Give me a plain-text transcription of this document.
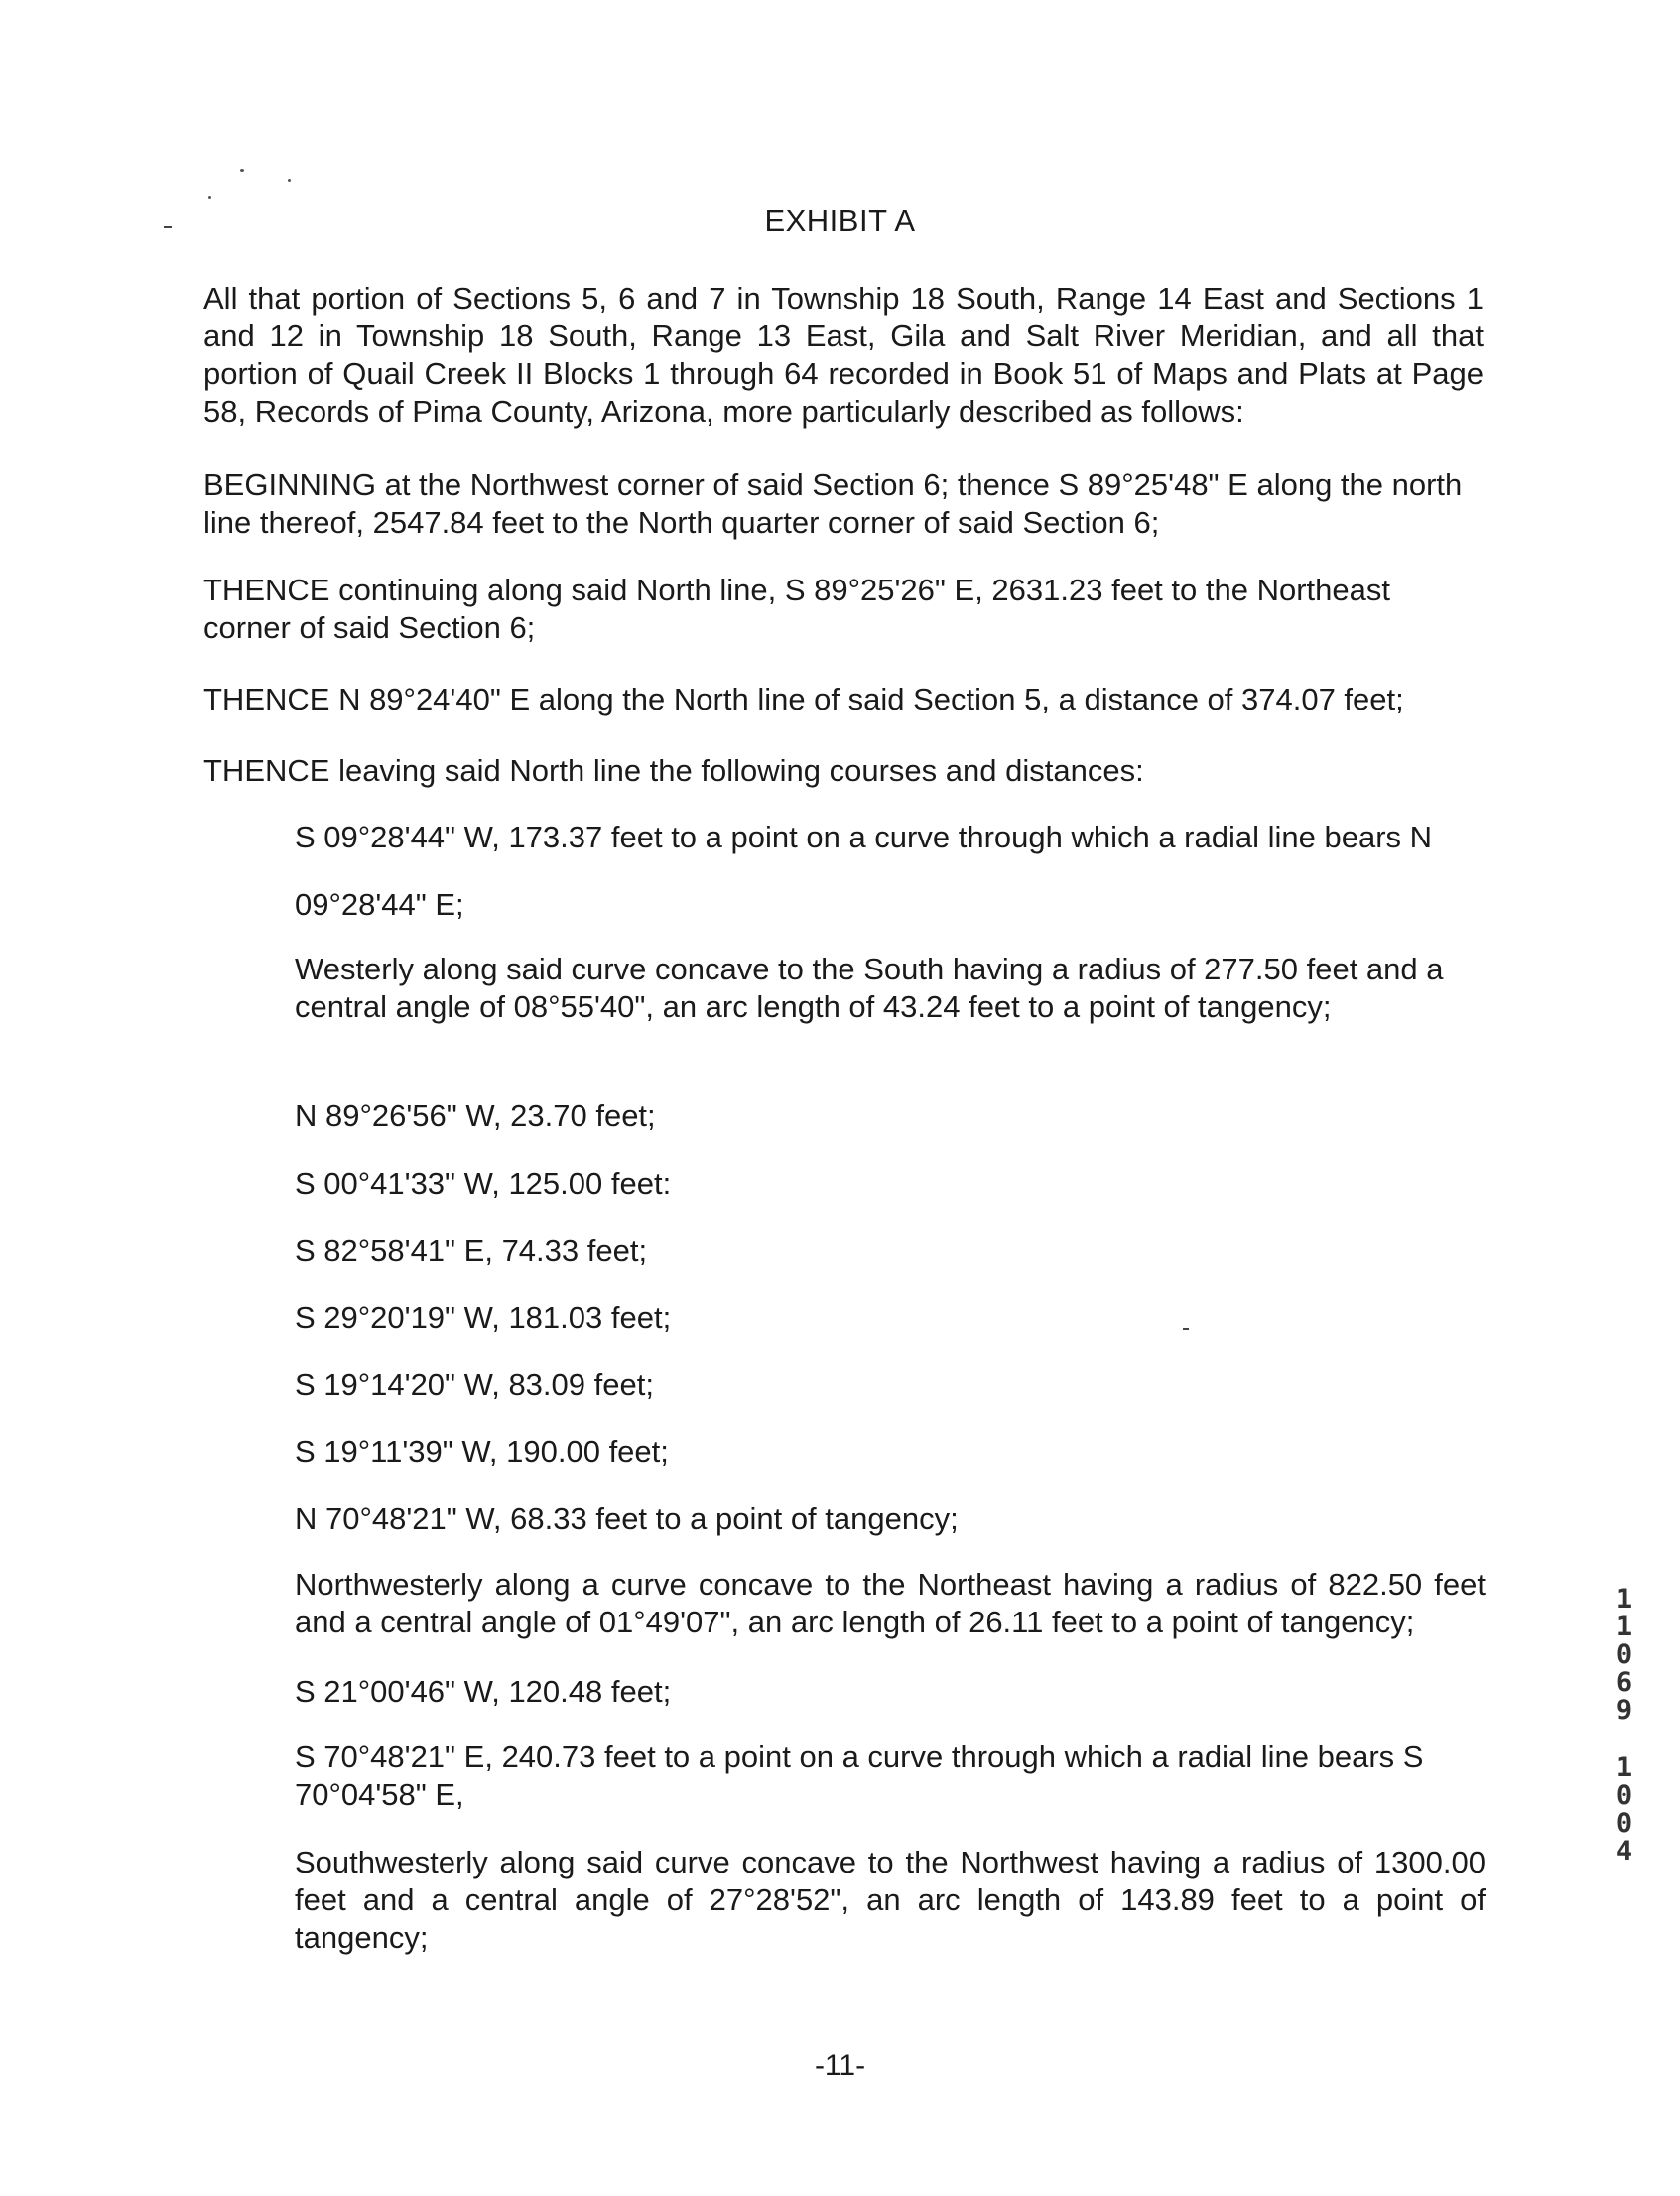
EXHIBIT A

All that portion of Sections 5, 6 and 7 in Township 18 South, Range 14 East and Sections 1 and 12 in Township 18 South, Range 13 East, Gila and Salt River Meridian, and all that portion of Quail Creek II Blocks 1 through 64 recorded in Book 51 of Maps and Plats at Page 58, Records of Pima County, Arizona, more particularly described as follows:

BEGINNING at the Northwest corner of said Section 6; thence S 89°25'48" E along the north line thereof, 2547.84 feet to the North quarter corner of said Section 6;

THENCE continuing along said North line, S 89°25'26" E, 2631.23 feet to the Northeast corner of said Section 6;

THENCE N 89°24'40" E along the North line of said Section 5, a distance of 374.07 feet;

THENCE leaving said North line the following courses and distances:

S 09°28'44" W, 173.37 feet to a point on a curve through which a radial line bears N

09°28'44" E;

Westerly along said curve concave to the South having a radius of 277.50 feet and a central angle of 08°55'40", an arc length of 43.24 feet to a point of tangency;

N 89°26'56" W, 23.70 feet;

S 00°41'33" W, 125.00 feet:

S 82°58'41" E, 74.33 feet;

S 29°20'19" W, 181.03 feet;

S 19°14'20" W, 83.09 feet;

S 19°11'39" W, 190.00 feet;

N 70°48'21" W, 68.33 feet to a point of tangency;

Northwesterly along a curve concave to the Northeast having a radius of 822.50 feet and a central angle of 01°49'07", an arc length of 26.11 feet to a point of tangency;

S 21°00'46" W, 120.48 feet;

S 70°48'21" E, 240.73 feet to a point on a curve through which a radial line bears S 70°04'58" E,

Southwesterly along said curve concave to the Northwest having a radius of 1300.00 feet and a central angle of 27°28'52", an arc length of 143.89 feet to a point of tangency;

1
1
0
6
9
1
0
0
4
-11-
